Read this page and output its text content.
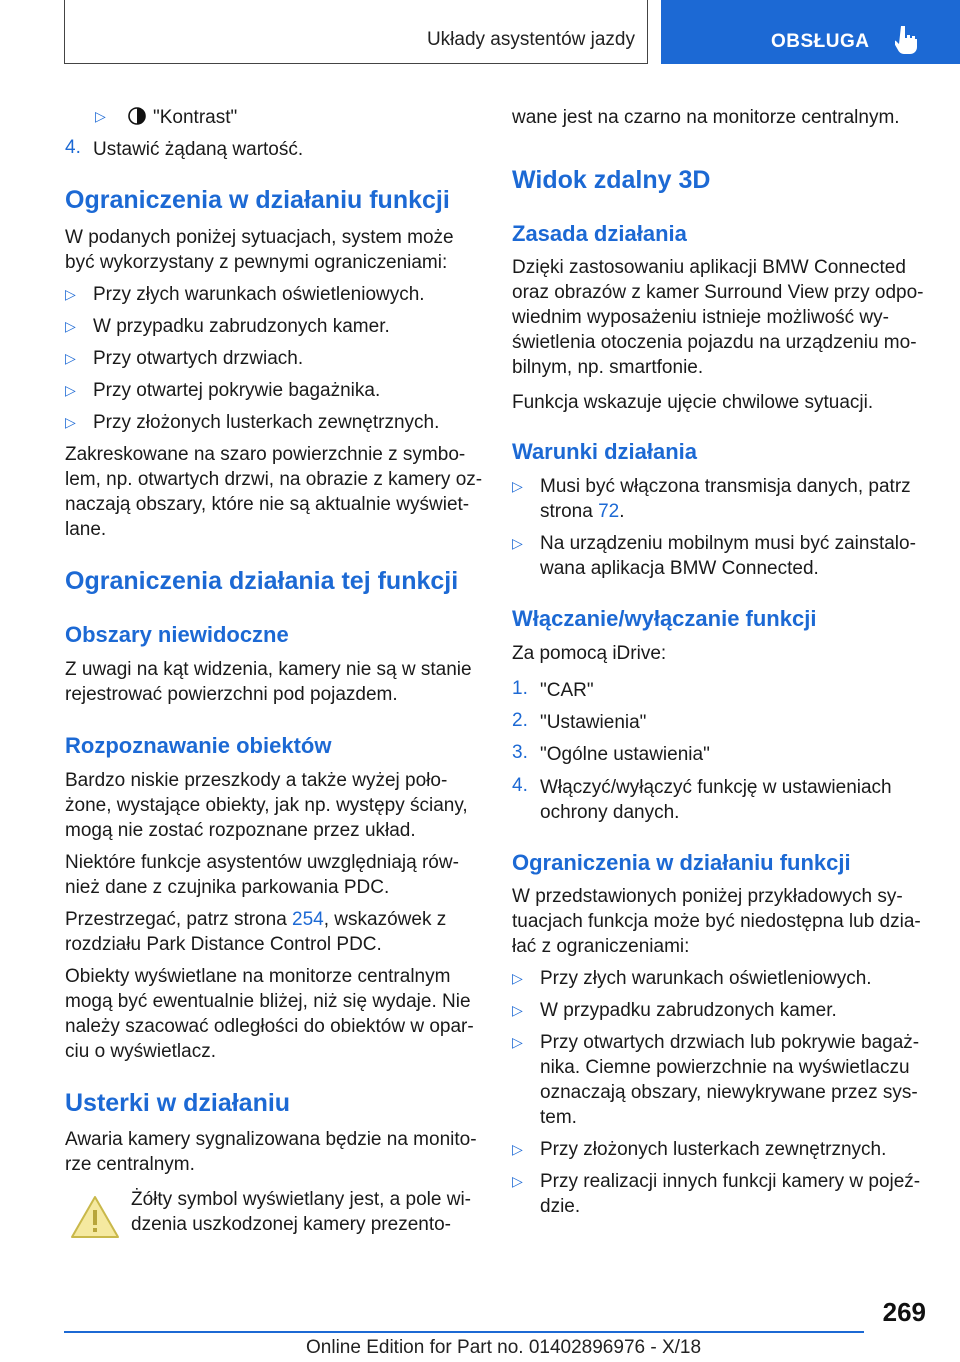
Układy asystentów jazdy	OBSŁUGA
▷ "Kontrast"
4. Ustawić żądaną wartość.
Ograniczenia w działaniu funkcji
W podanych poniżej sytuacjach, system może
być wykorzystany z pewnymi ograniczeniami:
▷ Przy złych warunkach oświetleniowych.
▷ W przypadku zabrudzonych kamer.
▷ Przy otwartych drzwiach.
▷ Przy otwartej pokrywie bagażnika.
▷ Przy złożonych lusterkach zewnętrznych.
Zakreskowane na szaro powierzchnie z symbo-
lem, np. otwartych drzwi, na obrazie z kamery oz-
naczają obszary, które nie są aktualnie wyświet-
lane.
Ograniczenia działania tej funkcji
Obszary niewidoczne
Z uwagi na kąt widzenia, kamery nie są w stanie
rejestrować powierzchni pod pojazdem.
Rozpoznawanie obiektów
Bardzo niskie przeszkody a także wyżej poło-
żone, wystające obiekty, jak np. występy ściany,
mogą nie zostać rozpoznane przez układ.
Niektóre funkcje asystentów uwzględniają rów-
nież dane z czujnika parkowania PDC.
Przestrzegać, patrz strona 254, wskazówek z
rozdziału Park Distance Control PDC.
Obiekty wyświetlane na monitorze centralnym
mogą być ewentualnie bliżej, niż się wydaje. Nie
należy szacować odległości do obiektów w opar-
ciu o wyświetlacz.
Usterki w działaniu
Awaria kamery sygnalizowana będzie na monito-
rze centralnym.
Żółty symbol wyświetlany jest, a pole wi-
dzenia uszkodzonej kamery prezento-
wane jest na czarno na monitorze centralnym.
Widok zdalny 3D
Zasada działania
Dzięki zastosowaniu aplikacji BMW Connected
oraz obrazów z kamer Surround View przy odpo-
wiednim wyposażeniu istnieje możliwość wy-
świetlenia otoczenia pojazdu na urządzeniu mo-
bilnym, np. smartfonie.
Funkcja wskazuje ujęcie chwilowe sytuacji.
Warunki działania
▷ Musi być włączona transmisja danych, patrz
strona 72.
▷ Na urządzeniu mobilnym musi być zainstalo-
wana aplikacja BMW Connected.
Włączanie/wyłączanie funkcji
Za pomocą iDrive:
1. "CAR"
2. "Ustawienia"
3. "Ogólne ustawienia"
4. Włączyć/wyłączyć funkcję w ustawieniach
ochrony danych.
Ograniczenia w działaniu funkcji
W przedstawionych poniżej przykładowych sy-
tuacjach funkcja może być niedostępna lub dzia-
łać z ograniczeniami:
▷ Przy złych warunkach oświetleniowych.
▷ W przypadku zabrudzonych kamer.
▷ Przy otwartych drzwiach lub pokrywie bagaż-
nika. Ciemne powierzchnie na wyświetlaczu
oznaczają obszary, niewykrywane przez sys-
tem.
▷ Przy złożonych lusterkach zewnętrznych.
▷ Przy realizacji innych funkcji kamery w pojeź-
dzie.
269
Online Edition for Part no. 01402896976 - X/18
